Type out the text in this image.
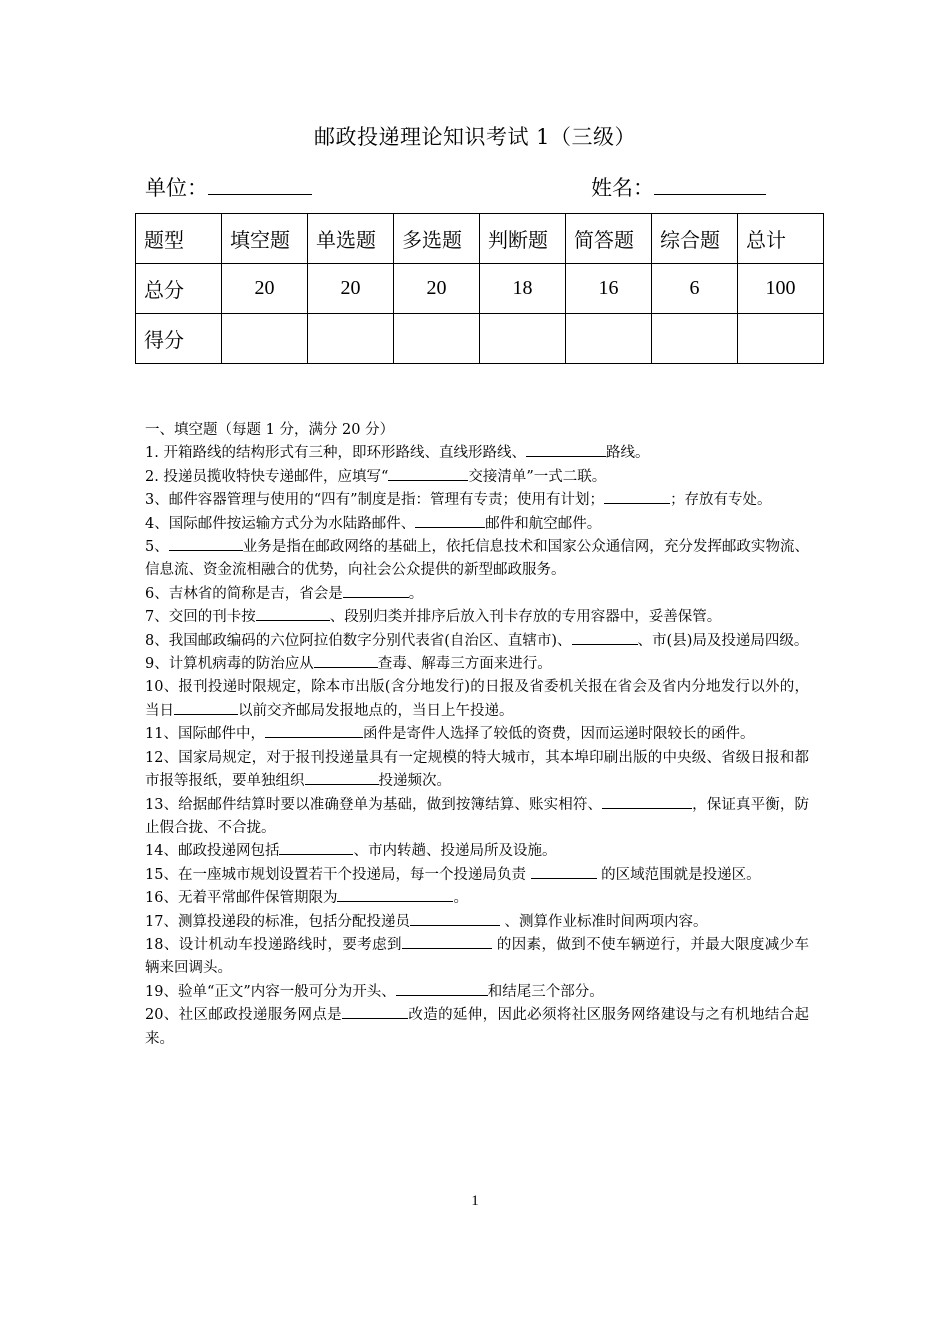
邮政投递理论知识考试 1（三级）
单位：	姓名：
题型	填空题	单选题	多选题	判断题	简答题	综合题	总计
总分	20	20	20	18	16	6	100
得分							

一、填空题（每题 1 分，满分 20 分）

1. 开箱路线的结构形式有三种，即环形路线、直线形路线、	路线。

2. 投递员揽收特快专递邮件，应填写“	交接清单”一式二联。

3、邮件容器管理与使用的“四有”制度是指：管理有专责；使用有计划；	；存放有专处。

4、国际邮件按运输方式分为水陆路邮件、	邮件和航空邮件。

5、	业务是指在邮政网络的基础上，依托信息技术和国家公众通信网，充分发挥邮政实物流、信息流、资金流相融合的优势，向社会公众提供的新型邮政服务。

6、吉林省的简称是吉，省会是	。

7、交回的刊卡按	、段别归类并排序后放入刊卡存放的专用容器中，妥善保管。

8、我国邮政编码的六位阿拉伯数字分别代表省(自治区、直辖市)、	、市(县)局及投递局四级。

9、计算机病毒的防治应从	查毒、解毒三方面来进行。

10、报刊投递时限规定，除本市出版(含分地发行)的日报及省委机关报在省会及省内分地发行以外的，当日	以前交齐邮局发报地点的，当日上午投递。

11、国际邮件中，	函件是寄件人选择了较低的资费，因而运递时限较长的函件。

12、国家局规定，对于报刊投递量具有一定规模的特大城市，其本埠印刷出版的中央级、省级日报和都市报等报纸，要单独组织	投递频次。

13、给据邮件结算时要以准确登单为基础，做到按簿结算、账实相符、	，保证真平衡，防止假合拢、不合拢。

14、邮政投递网包括	、市内转趟、投递局所及设施。

15、在一座城市规划设置若干个投递局，每一个投递局负责	的区域范围就是投递区。

16、无着平常邮件保管期限为	。

17、测算投递段的标准，包括分配投递员	、测算作业标准时间两项内容。

18、设计机动车投递路线时，要考虑到	的因素，做到不使车辆逆行，并最大限度减少车辆来回调头。

19、验单“正文”内容一般可分为开头、	和结尾三个部分。

20、社区邮政投递服务网点是	改造的延伸，因此必须将社区服务网络建设与之有机地结合起来。

1
